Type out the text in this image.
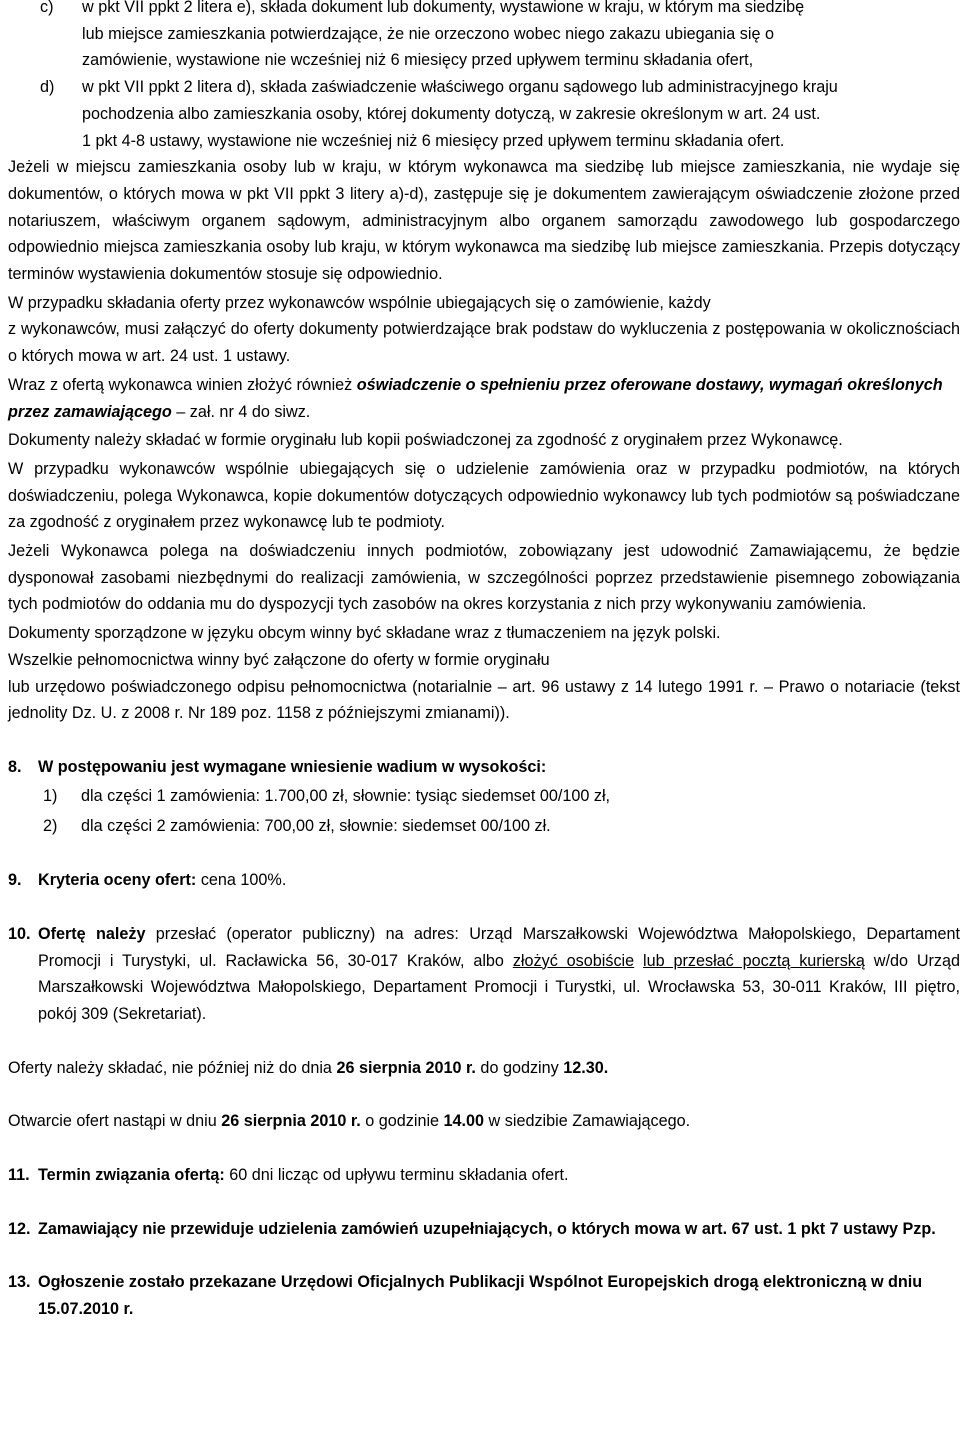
c) w pkt VII ppkt 2 litera e), składa dokument lub dokumenty, wystawione w kraju, w którym ma siedzibę
lub miejsce zamieszkania potwierdzające, że nie orzeczono wobec niego zakazu ubiegania się o
zamówienie, wystawione nie wcześniej niż 6 miesięcy przed upływem terminu składania ofert,
d) w pkt VII ppkt 2 litera d), składa zaświadczenie właściwego organu sądowego lub administracyjnego kraju
pochodzenia albo zamieszkania osoby, której dokumenty dotyczą, w zakresie określonym w art. 24 ust.
1 pkt 4-8 ustawy, wystawione nie wcześniej niż 6 miesięcy przed upływem terminu składania ofert.

Jeżeli w miejscu zamieszkania osoby lub w kraju, w którym wykonawca ma siedzibę lub miejsce zamieszkania, nie wydaje się dokumentów, o których mowa w pkt VII ppkt 3 litery a)-d), zastępuje się je dokumentem zawierającym oświadczenie złożone przed notariuszem, właściwym organem sądowym, administracyjnym albo organem samorządu zawodowego lub gospodarczego odpowiednio miejsca zamieszkania osoby lub kraju, w którym wykonawca ma siedzibę lub miejsce zamieszkania. Przepis dotyczący terminów wystawienia dokumentów stosuje się odpowiednio.

W przypadku składania oferty przez wykonawców wspólnie ubiegających się o zamówienie, każdy

z wykonawców, musi załączyć do oferty dokumenty potwierdzające brak podstaw do wykluczenia z postępowania w okolicznościach o których mowa w art. 24 ust. 1 ustawy.

Wraz z ofertą wykonawca winien złożyć również oświadczenie o spełnieniu przez oferowane dostawy, wymagań określonych przez zamawiającego – zał. nr 4 do siwz.

Dokumenty należy składać w formie oryginału lub kopii poświadczonej za zgodność z oryginałem przez Wykonawcę.

W przypadku wykonawców wspólnie ubiegających się o udzielenie zamówienia oraz w przypadku podmiotów, na których doświadczeniu, polega Wykonawca, kopie dokumentów dotyczących odpowiednio wykonawcy lub tych podmiotów są poświadczane za zgodność z oryginałem przez wykonawcę lub te podmioty.

Jeżeli Wykonawca polega na doświadczeniu innych podmiotów, zobowiązany jest udowodnić Zamawiającemu, że będzie dysponował zasobami niezbędnymi do realizacji zamówienia, w szczególności poprzez przedstawienie pisemnego zobowiązania tych podmiotów do oddania mu do dyspozycji tych zasobów na okres korzystania z nich przy wykonywaniu zamówienia.

Dokumenty sporządzone w języku obcym winny być składane wraz z tłumaczeniem na język polski.

Wszelkie pełnomocnictwa winny być załączone do oferty w formie oryginału

lub urzędowo poświadczonego odpisu pełnomocnictwa (notarialnie – art. 96 ustawy z 14 lutego 1991 r. – Prawo o notariacie (tekst jednolity Dz. U. z 2008 r. Nr 189 poz. 1158 z późniejszymi zmianami)).

8. W postępowaniu jest wymagane wniesienie wadium w wysokości:
1) dla części 1 zamówienia: 1.700,00 zł, słownie: tysiąc siedemset 00/100 zł,
2) dla części 2 zamówienia: 700,00 zł, słownie: siedemset 00/100 zł.
9. Kryteria oceny ofert: cena 100%.
10. Ofertę należy przesłać (operator publiczny) na adres: Urząd Marszałkowski Województwa Małopolskiego, Departament Promocji i Turystyki, ul. Racławicka 56, 30-017 Kraków, albo złożyć osobiście lub przesłać pocztą kurierską w/do Urząd Marszałkowski Województwa Małopolskiego, Departament Promocji i Turystki, ul. Wrocławska 53, 30-011 Kraków, III piętro, pokój 309 (Sekretariat).

Oferty należy składać, nie później niż do dnia 26 sierpnia 2010 r. do godziny 12.30.

Otwarcie ofert nastąpi w dniu 26 sierpnia 2010 r. o godzinie 14.00 w siedzibie Zamawiającego.

11. Termin związania ofertą: 60 dni licząc od upływu terminu składania ofert.
12. Zamawiający nie przewiduje udzielenia zamówień uzupełniających, o których mowa w art. 67 ust. 1 pkt 7 ustawy Pzp.
13. Ogłoszenie zostało przekazane Urzędowi Oficjalnych Publikacji Wspólnot Europejskich drogą elektroniczną w dniu 15.07.2010 r.
